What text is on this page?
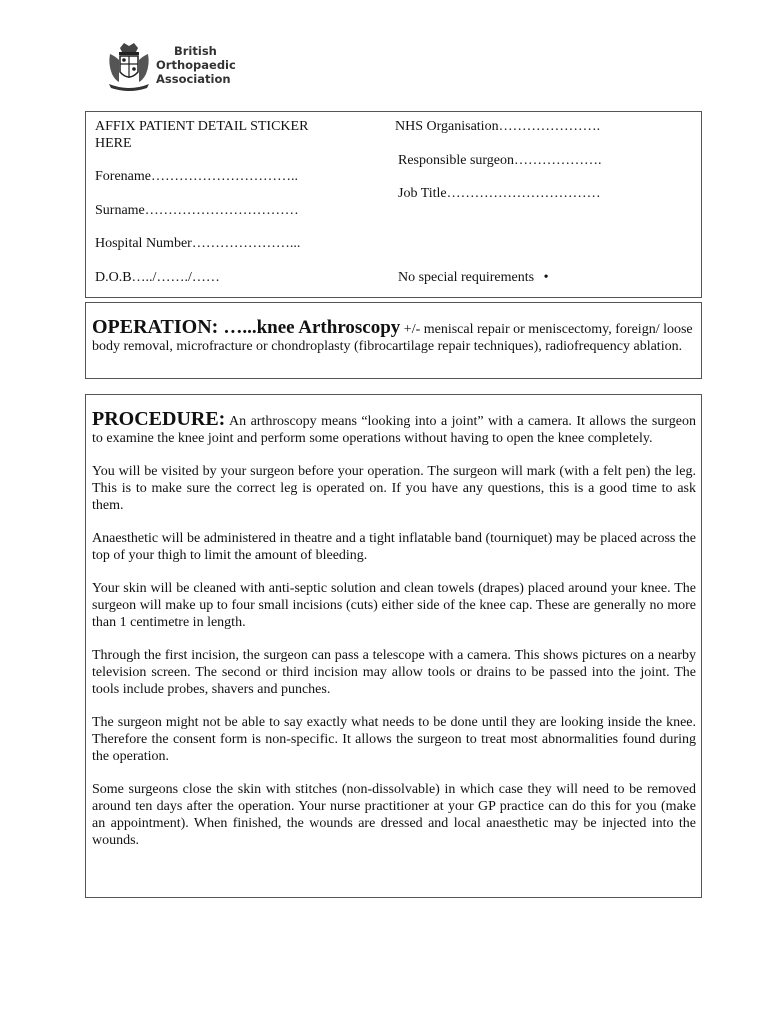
British
Orthopaedic
Association
AFFIX PATIENT DETAIL STICKER
HERE
Forename…………………………..
Surname……………………………
Hospital Number…………………...
D.O.B…../……./……
NHS Organisation………………….
Responsible surgeon……………….
Job Title……………………………
No special requirements •
OPERATION: …...knee Arthroscopy +/- meniscal repair or meniscectomy, foreign/ loose body removal, microfracture or chondroplasty (fibrocartilage repair techniques), radiofrequency ablation.

PROCEDURE: An arthroscopy means “looking into a joint” with a camera. It allows the surgeon to examine the knee joint and perform some operations without having to open the knee completely.

You will be visited by your surgeon before your operation. The surgeon will mark (with a felt pen) the leg. This is to make sure the correct leg is operated on. If you have any questions, this is a good time to ask them.

Anaesthetic will be administered in theatre and a tight inflatable band (tourniquet) may be placed across the top of your thigh to limit the amount of bleeding.

Your skin will be cleaned with anti-septic solution and clean towels (drapes) placed around your knee. The surgeon will make up to four small incisions (cuts) either side of the knee cap. These are generally no more than 1 centimetre in length.

Through the first incision, the surgeon can pass a telescope with a camera. This shows pictures on a nearby television screen. The second or third incision may allow tools or drains to be passed into the joint. The tools include probes, shavers and punches.

The surgeon might not be able to say exactly what needs to be done until they are looking inside the knee. Therefore the consent form is non-specific. It allows the surgeon to treat most abnormalities found during the operation.

Some surgeons close the skin with stitches (non-dissolvable) in which case they will need to be removed around ten days after the operation. Your nurse practitioner at your GP practice can do this for you (make an appointment). When finished, the wounds are dressed and local anaesthetic may be injected into the wounds.
